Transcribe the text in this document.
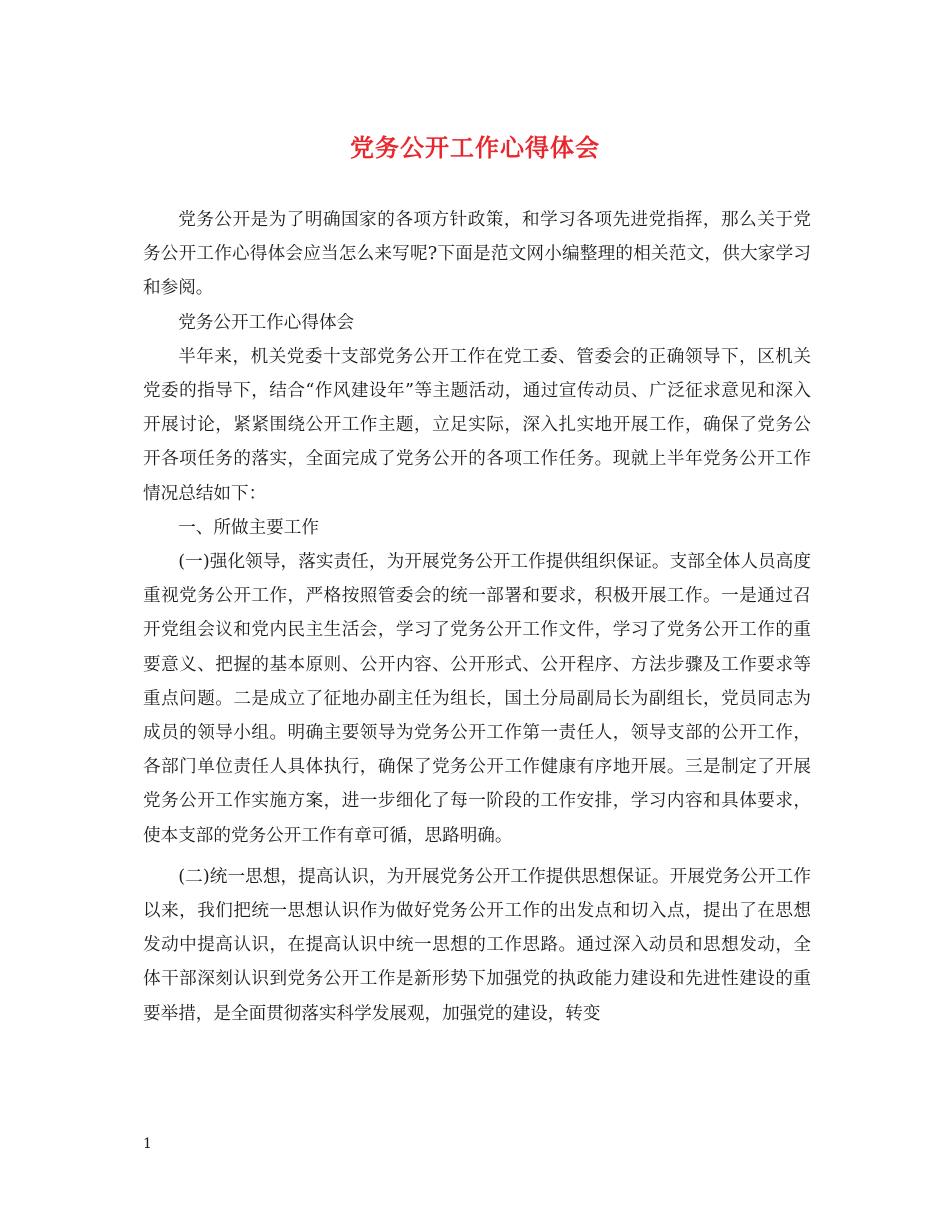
党务公开工作心得体会

党务公开是为了明确国家的各项方针政策，和学习各项先进党指挥，那么关于党务公开工作心得体会应当怎么来写呢?下面是范文网小编整理的相关范文，供大家学习和参阅。

党务公开工作心得体会

半年来，机关党委十支部党务公开工作在党工委、管委会的正确领导下，区机关党委的指导下，结合“作风建设年”等主题活动，通过宣传动员、广泛征求意见和深入开展讨论，紧紧围绕公开工作主题，立足实际，深入扎实地开展工作，确保了党务公开各项任务的落实，全面完成了党务公开的各项工作任务。现就上半年党务公开工作情况总结如下：

一、所做主要工作

(一)强化领导，落实责任，为开展党务公开工作提供组织保证。支部全体人员高度重视党务公开工作，严格按照管委会的统一部署和要求，积极开展工作。一是通过召开党组会议和党内民主生活会，学习了党务公开工作文件，学习了党务公开工作的重要意义、把握的基本原则、公开内容、公开形式、公开程序、方法步骤及工作要求等重点问题。二是成立了征地办副主任为组长，国土分局副局长为副组长，党员同志为成员的领导小组。明确主要领导为党务公开工作第一责任人，领导支部的公开工作，各部门单位责任人具体执行，确保了党务公开工作健康有序地开展。三是制定了开展党务公开工作实施方案，进一步细化了每一阶段的工作安排，学习内容和具体要求，使本支部的党务公开工作有章可循，思路明确。

(二)统一思想，提高认识，为开展党务公开工作提供思想保证。开展党务公开工作以来，我们把统一思想认识作为做好党务公开工作的出发点和切入点，提出了在思想发动中提高认识，在提高认识中统一思想的工作思路。通过深入动员和思想发动，全体干部深刻认识到党务公开工作是新形势下加强党的执政能力建设和先进性建设的重要举措，是全面贯彻落实科学发展观，加强党的建设，转变

1
